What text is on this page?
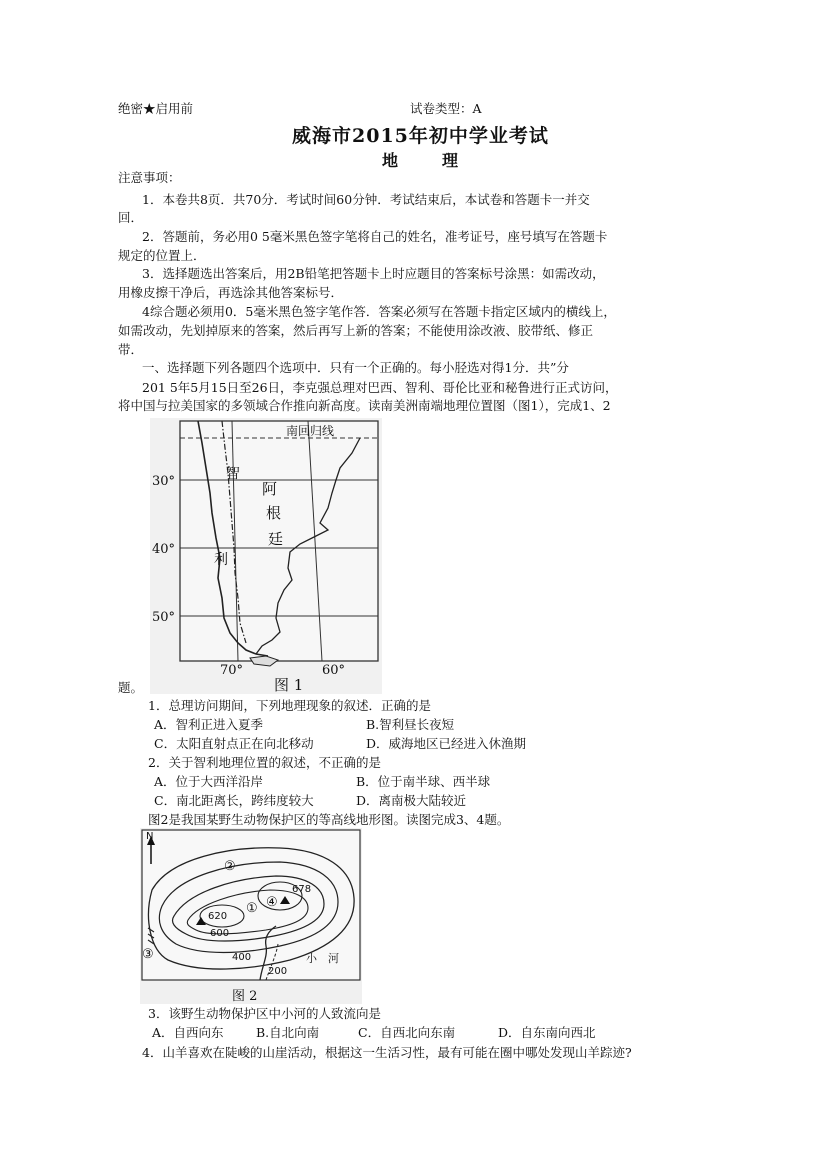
绝密★启用前	试卷类型：A
威海市2015年初中学业考试
地　理
注意事项：
1．本卷共8页．共70分．考试时间60分钟．考试结束后，本试卷和答题卡一并交
回．
2．答题前，务必用0 5毫米黑色签字笔将自己的姓名，准考证号，座号填写在答题卡
规定的位置上．
3．选择题选出答案后，用2B铅笔把答题卡上时应题目的答案标号涂黑：如需改动，
用橡皮擦干净后，再选涂其他答案标号．
4综合题必须用0．5毫米黑色签字笔作答．答案必须写在答题卡指定区域内的横线上，
如需改动，先划掉原来的答案，然后再写上新的答案；不能使用涂改液、胶带纸、修正
带．
一、选择题下列各题四个选项中．只有一个正确的。每小胫选对得1分．共”分
201 5年5月15日至26日，李克强总理对巴西、智利、哥伦比亚和秘鲁进行正式访问，
将中国与拉美国家的多领域合作推向新高度。读南美洲南端地理位置图（图1），完成1、2
南回归线
30°
40°
50°
70°	60°
智
利
阿
根
廷
图 1
题。
1．总理访问期间，下列地理现象的叙述．正确的是
A．智利正进入夏季	B.智利昼长夜短
C．太阳直射点正在向北移动	D．威海地区已经进入休渔期
2．关于智利地理位置的叙述，不正确的是
A．位于大西洋沿岸	B．位于南半球、西半球
C．南北距离长，跨纬度较大	D．离南极大陆较近
图2是我国某野生动物保护区的等高线地形图。读图完成3、4题。
N
678
620
600
400
200
小　河
①
②
③
④
图 2
3．该野生动物保护区中小河的人致流向是
A．自西向东	B.自北向南	C．自西北向东南	D．自东南向西北
4．山羊喜欢在陡峻的山崖活动，根据这一生活习性，最有可能在圈中哪处发现山羊踪迹?
